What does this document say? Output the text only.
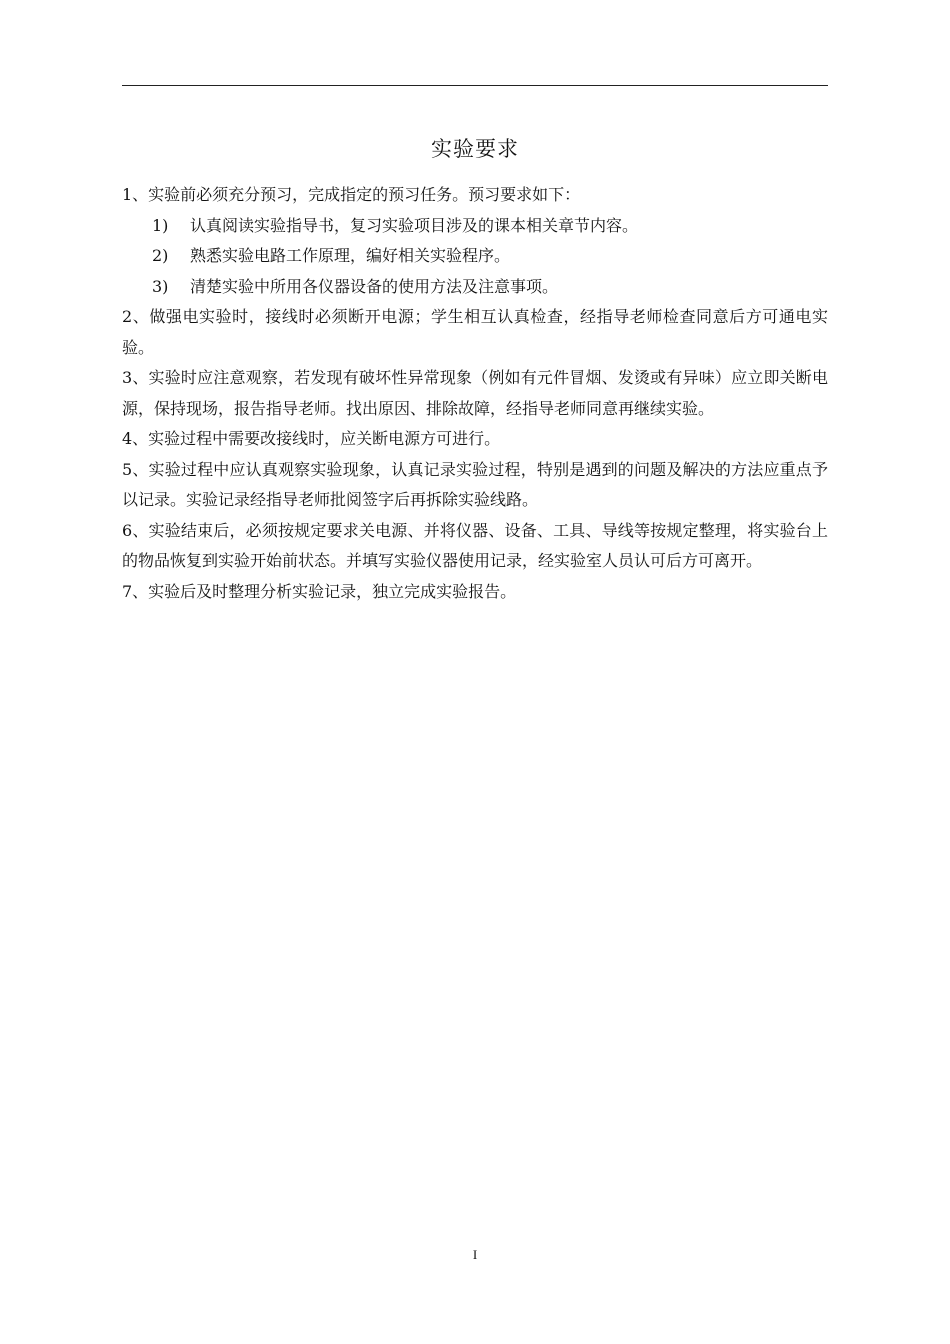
实验要求

1、实验前必须充分预习，完成指定的预习任务。预习要求如下：

1)	认真阅读实验指导书，复习实验项目涉及的课本相关章节内容。
2)	熟悉实验电路工作原理，编好相关实验程序。
3)	清楚实验中所用各仪器设备的使用方法及注意事项。

2、做强电实验时，接线时必须断开电源；学生相互认真检查，经指导老师检查同意后方可通电实验。

3、实验时应注意观察，若发现有破坏性异常现象（例如有元件冒烟、发烫或有异味）应立即关断电源，保持现场，报告指导老师。找出原因、排除故障，经指导老师同意再继续实验。

4、实验过程中需要改接线时，应关断电源方可进行。

5、实验过程中应认真观察实验现象，认真记录实验过程，特别是遇到的问题及解决的方法应重点予以记录。实验记录经指导老师批阅签字后再拆除实验线路。

6、实验结束后，必须按规定要求关电源、并将仪器、设备、工具、导线等按规定整理，将实验台上的物品恢复到实验开始前状态。并填写实验仪器使用记录，经实验室人员认可后方可离开。

7、实验后及时整理分析实验记录，独立完成实验报告。

I
